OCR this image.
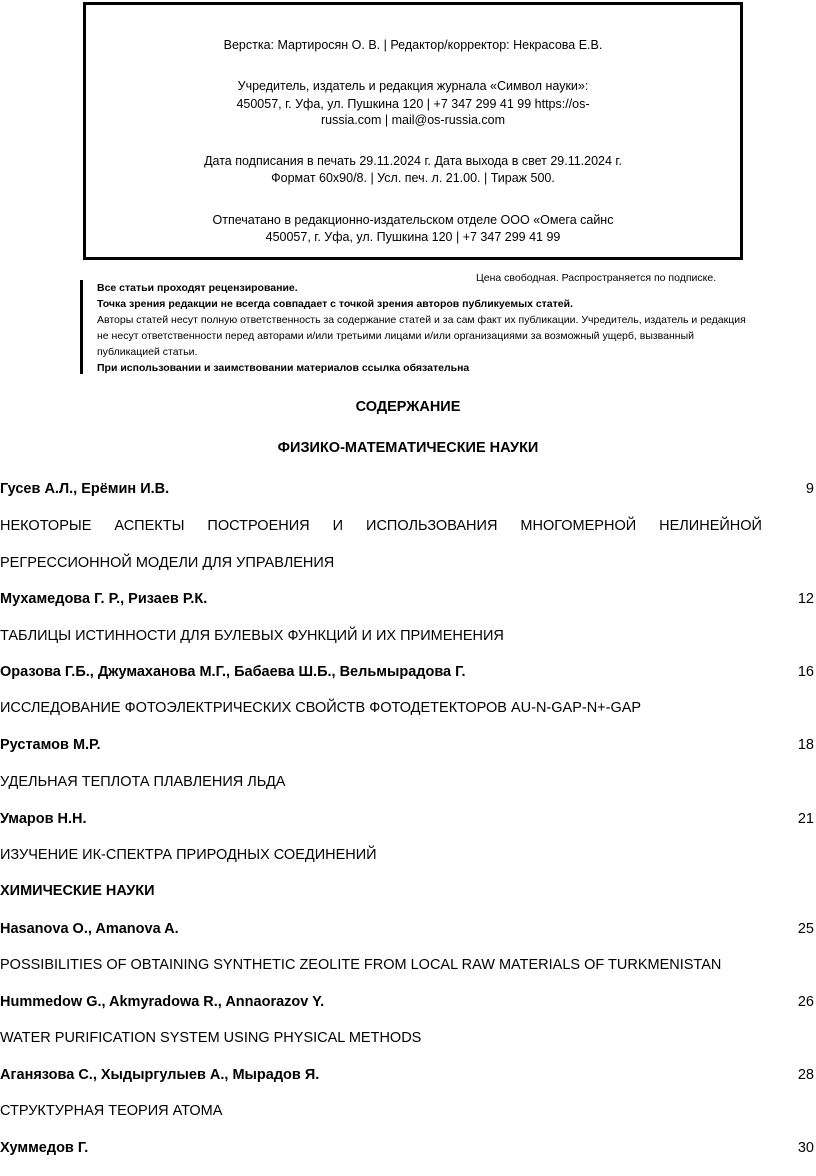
Верстка: Мартиросян О. В. | Редактор/корректор: Некрасова Е.В.
Учредитель, издатель и редакция журнала «Символ науки»:
450057, г. Уфа, ул. Пушкина 120 | +7 347 299 41 99 https://os-
russia.com | mail@os-russia.com
Дата подписания в печать 29.11.2024 г. Дата выхода в свет 29.11.2024 г.
Формат 60х90/8. | Усл. печ. л. 21.00. | Тираж 500.
Отпечатано в редакционно-издательском отделе ООО «Омега сайнс
450057, г. Уфа, ул. Пушкина 120 | +7 347 299 41 99
Цена свободная. Распространяется по подписке.
Все статьи проходят рецензирование.
Точка зрения редакции не всегда совпадает с точкой зрения авторов публикуемых статей.
Авторы статей несут полную ответственность за содержание статей и за сам факт их публикации. Учредитель, издатель и редакция
не несут ответственности перед авторами и/или третьими лицами и/или организациями за возможный ущерб, вызванный
публикацией статьи.
При использовании и заимствовании материалов ссылка обязательна
СОДЕРЖАНИЕ
ФИЗИКО-МАТЕМАТИЧЕСКИЕ НАУКИ
Гусев А.Л., Ерёмин И.В.	9
НЕКОТОРЫЕ АСПЕКТЫ ПОСТРОЕНИЯ И ИСПОЛЬЗОВАНИЯ МНОГОМЕРНОЙ НЕЛИНЕЙНОЙ
РЕГРЕССИОННОЙ МОДЕЛИ ДЛЯ УПРАВЛЕНИЯ
Мухамедова Г. Р., Ризаев Р.К.	12
ТАБЛИЦЫ ИСТИННОСТИ ДЛЯ БУЛЕВЫХ ФУНКЦИЙ И ИХ ПРИМЕНЕНИЯ
Оразова Г.Б., Джумаханова М.Г., Бабаева Ш.Б., Вельмырадова Г.	16
ИССЛЕДОВАНИЕ ФОТОЭЛЕКТРИЧЕСКИХ СВОЙСТВ ФОТОДЕТЕКТОРОВ AU-N-GAP-N+-GAP
Рустамов М.Р.	18
УДЕЛЬНАЯ ТЕПЛОТА ПЛАВЛЕНИЯ ЛЬДА
Умаров Н.Н.	21
ИЗУЧЕНИЕ ИК-СПЕКТРА ПРИРОДНЫХ СОЕДИНЕНИЙ
ХИМИЧЕСКИЕ НАУКИ
Hasanova O., Amanova A.	25
POSSIBILITIES OF OBTAINING SYNTHETIC ZEOLITE FROM LOCAL RAW MATERIALS OF TURKMENISTAN
Hummedow G., Akmyradowa R., Annaorazov Y.	26
WATER PURIFICATION SYSTEM USING PHYSICAL METHODS
Аганязова С., Хыдыргулыев А., Мырадов Я.	28
СТРУКТУРНАЯ ТЕОРИЯ АТОМА
Хуммедов Г.	30
